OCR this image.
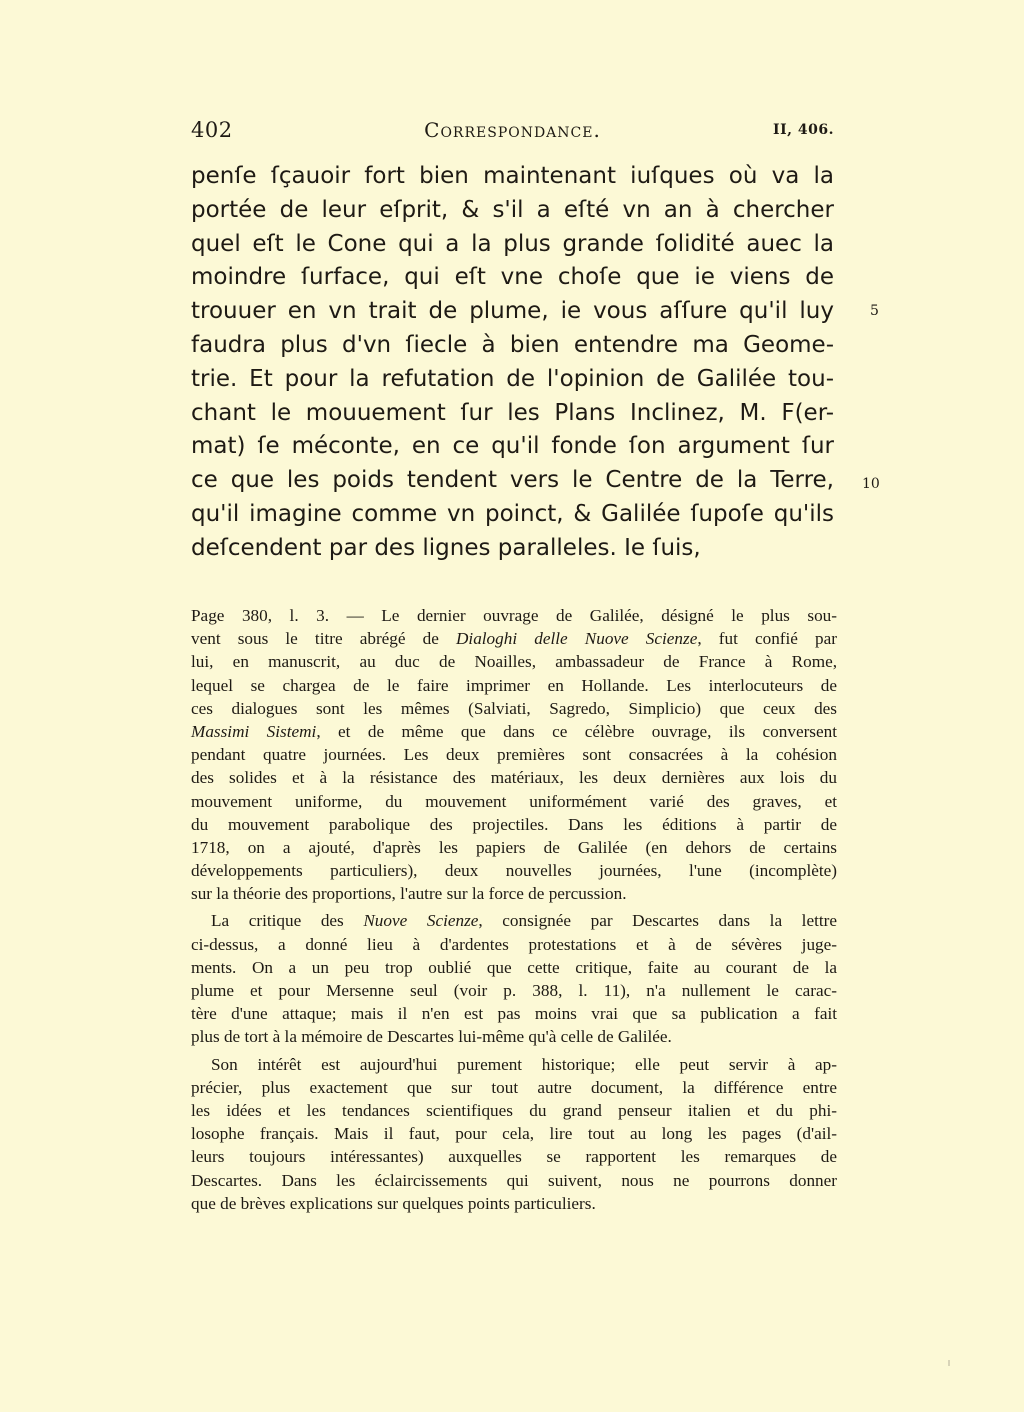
402	Correspondance.	II, 406.
penſe ſçauoir fort bien maintenant iuſques où va la
portée de leur eſprit, & s'il a eſté vn an à chercher
quel eſt le Cone qui a la plus grande ſolidité auec la
moindre ſurface, qui eſt vne choſe que ie viens de
trouuer en vn trait de plume, ie vous aſſure qu'il luy
faudra plus d'vn ſiecle à bien entendre ma Geome-
trie. Et pour la refutation de l'opinion de Galilée tou-
chant le mouuement ſur les Plans Inclinez, M. F(er-
mat) ſe méconte, en ce qu'il fonde ſon argument ſur
ce que les poids tendent vers le Centre de la Terre,
qu'il imagine comme vn poinct, & Galilée ſupoſe qu'ils
deſcendent par des lignes paralleles. Ie ſuis,
5
10
Page 380, l. 3. — Le dernier ouvrage de Galilée, désigné le plus sou-
vent sous le titre abrégé de Dialoghi delle Nuove Scienze, fut confié par
lui, en manuscrit, au duc de Noailles, ambassadeur de France à Rome,
lequel se chargea de le faire imprimer en Hollande. Les interlocuteurs de
ces dialogues sont les mêmes (Salviati, Sagredo, Simplicio) que ceux des
Massimi Sistemi, et de même que dans ce célèbre ouvrage, ils conversent
pendant quatre journées. Les deux premières sont consacrées à la cohésion
des solides et à la résistance des matériaux, les deux dernières aux lois du
mouvement uniforme, du mouvement uniformément varié des graves, et
du mouvement parabolique des projectiles. Dans les éditions à partir de
1718, on a ajouté, d'après les papiers de Galilée (en dehors de certains
développements particuliers), deux nouvelles journées, l'une (incomplète)
sur la théorie des proportions, l'autre sur la force de percussion.
La critique des Nuove Scienze, consignée par Descartes dans la lettre
ci-dessus, a donné lieu à d'ardentes protestations et à de sévères juge-
ments. On a un peu trop oublié que cette critique, faite au courant de la
plume et pour Mersenne seul (voir p. 388, l. 11), n'a nullement le carac-
tère d'une attaque; mais il n'en est pas moins vrai que sa publication a fait
plus de tort à la mémoire de Descartes lui-même qu'à celle de Galilée.
Son intérêt est aujourd'hui purement historique; elle peut servir à ap-
précier, plus exactement que sur tout autre document, la différence entre
les idées et les tendances scientifiques du grand penseur italien et du phi-
losophe français. Mais il faut, pour cela, lire tout au long les pages (d'ail-
leurs toujours intéressantes) auxquelles se rapportent les remarques de
Descartes. Dans les éclaircissements qui suivent, nous ne pourrons donner
que de brèves explications sur quelques points particuliers.
